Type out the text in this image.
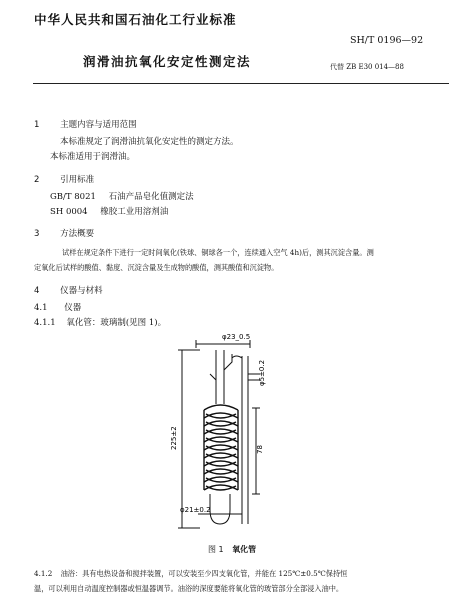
中华人民共和国石油化工行业标准
SH/T 0196—92
润滑油抗氧化安定性测定法	代替 ZB E30 014—88
1 主题内容与适用范围
本标准规定了润滑油抗氧化安定性的测定方法。
本标准适用于润滑油。
2 引用标准
GB/T 8021 石油产品皂化值测定法
SH 0004 橡胶工业用溶剂油
3 方法概要
试样在规定条件下进行一定时间氧化(铁球、铜球各一个，连续通入空气 4h)后，测其沉淀含量。测
定氧化后试样的酸值、黏度、沉淀含量及生成物的酸值，测其酸值和沉淀物。
4 仪器与材料
4.1 仪器
4.1.1 氧化管：玻璃制(见图 1)。
φ23_0.5
φ5±0.2
225±2	78
φ21±0.2
图 1 氧化管
4.1.2 油浴：具有电热设备和搅拌装置，可以安装至少四支氧化管，并能在 125℃±0.5℃保持恒
温，可以利用自动温度控制器或恒温器调节。油浴的深度要能将氧化管的玻管部分全部浸入油中。
